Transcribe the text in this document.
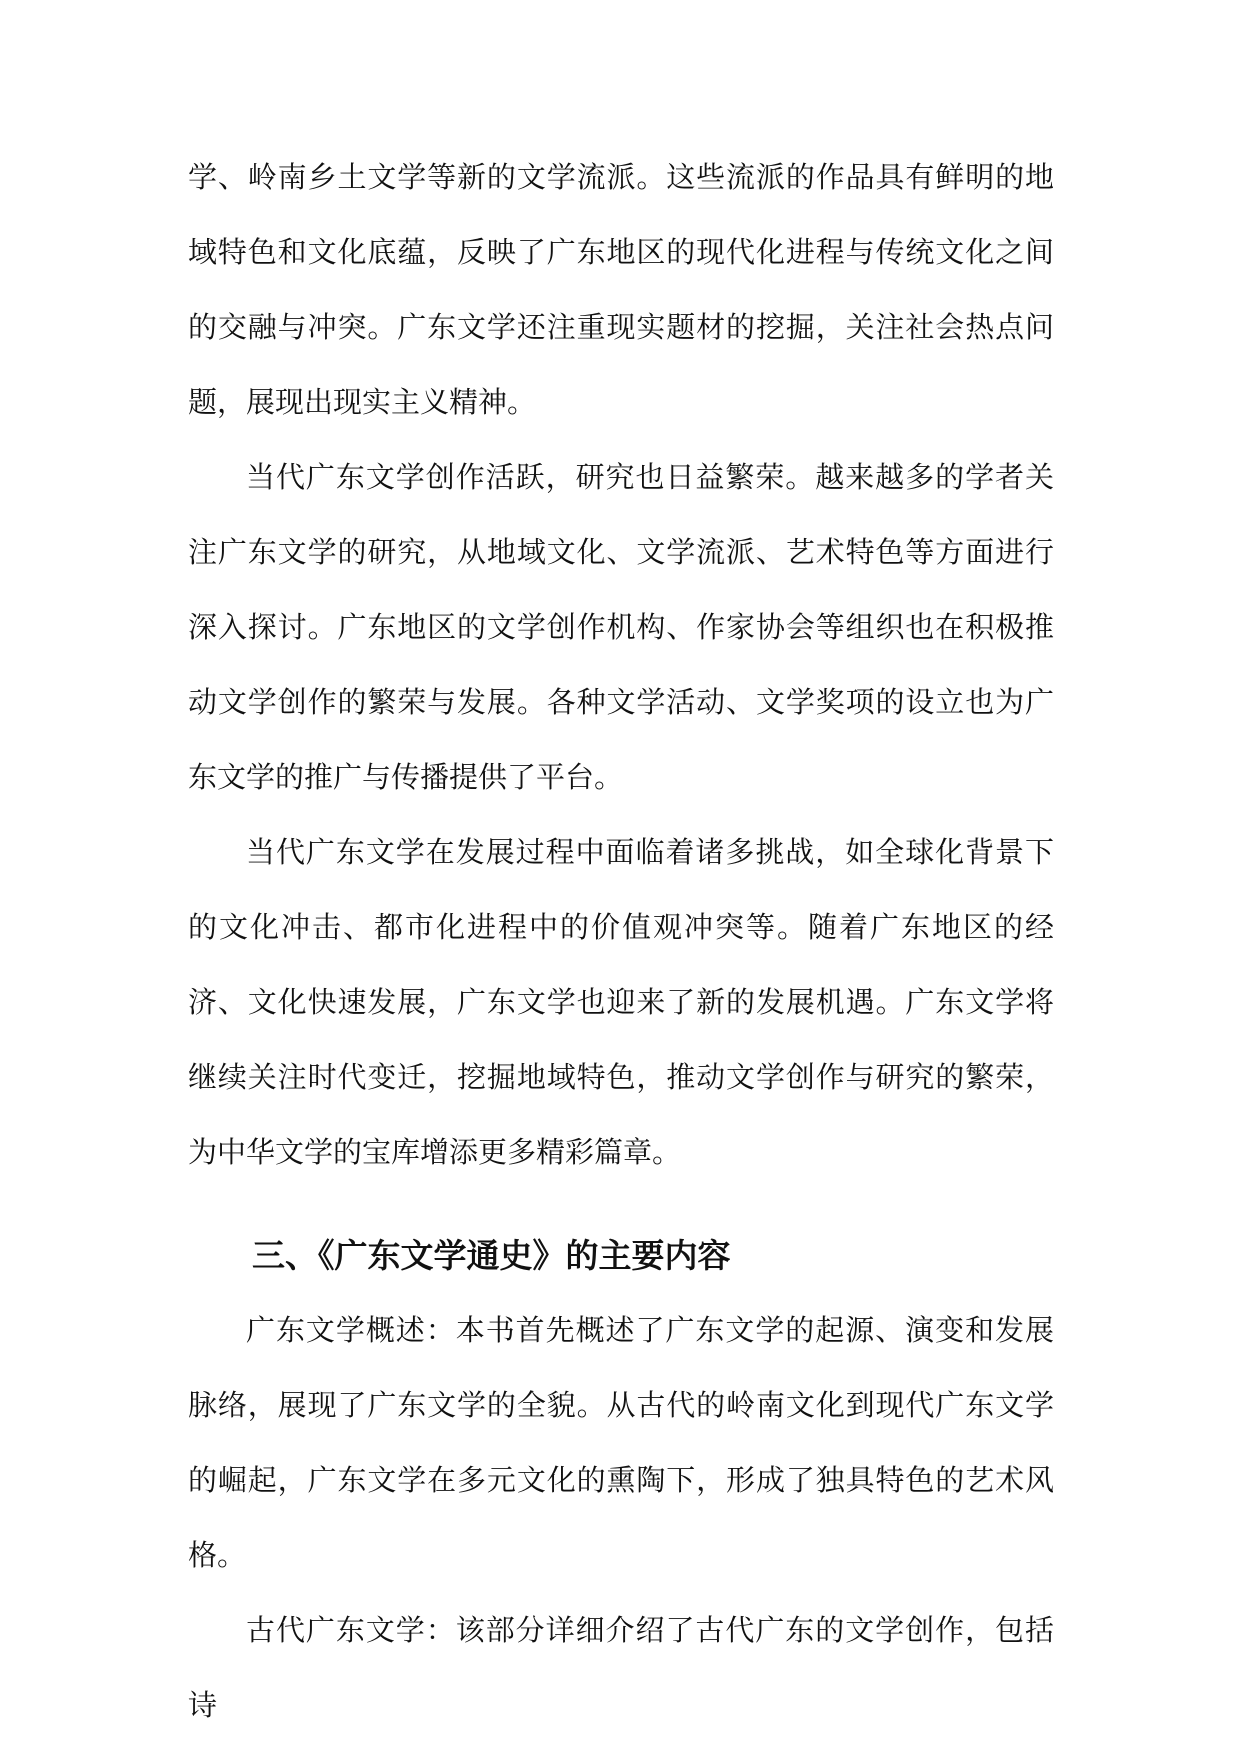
学、岭南乡土文学等新的文学流派。这些流派的作品具有鲜明的地域特色和文化底蕴，反映了广东地区的现代化进程与传统文化之间的交融与冲突。广东文学还注重现实题材的挖掘，关注社会热点问题，展现出现实主义精神。

当代广东文学创作活跃，研究也日益繁荣。越来越多的学者关注广东文学的研究，从地域文化、文学流派、艺术特色等方面进行深入探讨。广东地区的文学创作机构、作家协会等组织也在积极推动文学创作的繁荣与发展。各种文学活动、文学奖项的设立也为广东文学的推广与传播提供了平台。

当代广东文学在发展过程中面临着诸多挑战，如全球化背景下的文化冲击、都市化进程中的价值观冲突等。随着广东地区的经济、文化快速发展，广东文学也迎来了新的发展机遇。广东文学将继续关注时代变迁，挖掘地域特色，推动文学创作与研究的繁荣，为中华文学的宝库增添更多精彩篇章。

三、《广东文学通史》的主要内容

广东文学概述：本书首先概述了广东文学的起源、演变和发展脉络，展现了广东文学的全貌。从古代的岭南文化到现代广东文学的崛起，广东文学在多元文化的熏陶下，形成了独具特色的艺术风格。

古代广东文学：该部分详细介绍了古代广东的文学创作，包括诗
